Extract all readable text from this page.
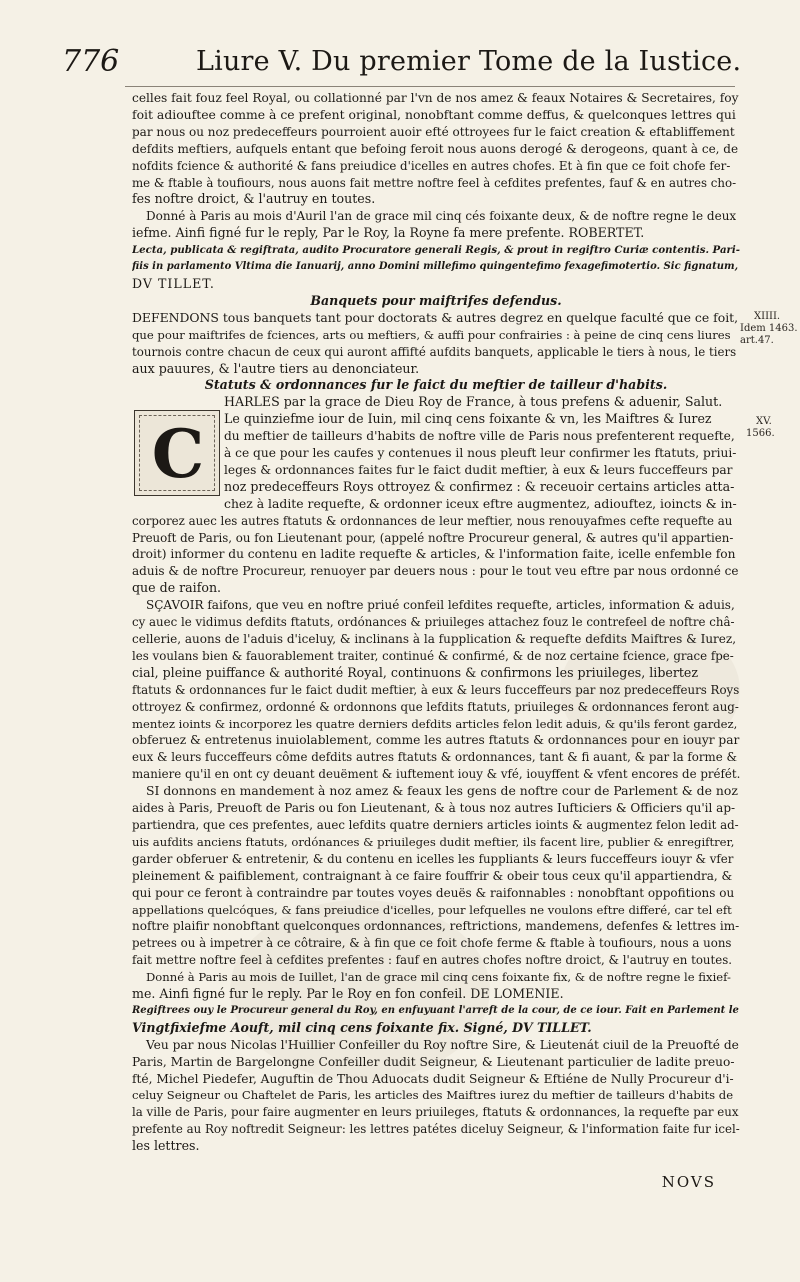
776	Liure V. Du premier Tome de la Iustice.
C
XIIII.
Idem 1463.
art.47.
XV.
1566.
celles fait fouz feel Royal, ou collationné par l'vn de nos amez & feaux Notaires & Secretaires, foy
foit adiouftee comme à ce prefent original, nonobftant comme deffus, & quelconques lettres qui
par nous ou noz predeceffeurs pourroient auoir efté ottroyees fur le faict creation & eftabliffement
defdits meftiers, aufquels entant que befoing feroit nous auons derogé & derogeons, quant à ce, de
nofdits fcience & authorité & fans preiudice d'icelles en autres chofes. Et à fin que ce foit chofe fer-
me & ftable à toufiours, nous auons fait mettre noftre feel à cefdites prefentes, fauf & en autres cho-
fes noftre droict, & l'autruy en toutes.
Donné à Paris au mois d'Auril l'an de grace mil cinq cés foixante deux, & de noftre regne le deux
iefme. Ainfi figné fur le reply, Par le Roy, la Royne fa mere prefente. ROBERTET.
Lecta, publicata & regiftrata, audito Procuratore generali Regis, & prout in regiftro Curiæ contentis. Pari-
fiis in parlamento Vltima die Ianuarij, anno Domini millefimo quingentefimo fexagefimotertio. Sic fignatum,
DV TILLET.
Banquets pour maiftrifes defendus.
DEFENDONS tous banquets tant pour doctorats & autres degrez en quelque faculté que ce foit,
que pour maiftrifes de fciences, arts ou meftiers, & auffi pour confrairies : à peine de cinq cens liures
tournois contre chacun de ceux qui auront affifté aufdits banquets, applicable le tiers à nous, le tiers
aux pauures, & l'autre tiers au denonciateur.
Statuts & ordonnances fur le faict du meftier de tailleur d'habits.
HARLES par la grace de Dieu Roy de France, à tous prefens & aduenir, Salut.
Le quinziefme iour de Iuin, mil cinq cens foixante & vn, les Maiftres & Iurez
du meftier de tailleurs d'habits de noftre ville de Paris nous prefenterent requefte,
à ce que pour les caufes y contenues il nous pleuft leur confirmer les ftatuts, priui-
leges & ordonnances faites fur le faict dudit meftier, à eux & leurs fucceffeurs par
noz predeceffeurs Roys ottroyez & confirmez : & receuoir certains articles atta-
chez à ladite requefte, & ordonner iceux eftre augmentez, adiouftez, ioincts & in-
corporez auec les autres ftatuts & ordonnances de leur meftier, nous renouyafmes cefte requefte au
Preuoft de Paris, ou fon Lieutenant pour, (appelé noftre Procureur general, & autres qu'il appartien-
droit) informer du contenu en ladite requefte & articles, & l'information faite, icelle enfemble fon
aduis & de noftre Procureur, renuoyer par deuers nous : pour le tout veu eftre par nous ordonné ce
que de raifon.
SÇAVOIR faifons, que veu en noftre priué confeil lefdites requefte, articles, information & aduis,
cy auec le vidimus defdits ftatuts, ordónances & priuileges attachez fouz le contrefeel de noftre châ-
cellerie, auons de l'aduis d'iceluy, & inclinans à la fupplication & requefte defdits Maiftres & Iurez,
les voulans bien & fauorablement traiter, continué & confirmé, & de noz certaine fcience, grace fpe-
cial, pleine puiffance & authorité Royal, continuons & confirmons les priuileges, libertez
ftatuts & ordonnances fur le faict dudit meftier, à eux & leurs fucceffeurs par noz predeceffeurs Roys
ottroyez & confirmez, ordonné & ordonnons que lefdits ftatuts, priuileges & ordonnances feront aug-
mentez ioints & incorporez les quatre derniers defdits articles felon ledit aduis, & qu'ils feront gardez,
obferuez & entretenus inuiolablement, comme les autres ftatuts & ordonnances pour en iouyr par
eux & leurs fucceffeurs côme defdits autres ftatuts & ordonnances, tant & fi auant, & par la forme &
maniere qu'il en ont cy deuant deuëment & iuftement iouy & vfé, iouyffent & vfent encores de préfét.
SI donnons en mandement à noz amez & feaux les gens de noftre cour de Parlement & de noz
aides à Paris, Preuoft de Paris ou fon Lieutenant, & à tous noz autres Iufticiers & Officiers qu'il ap-
partiendra, que ces prefentes, auec lefdits quatre derniers articles ioints & augmentez felon ledit ad-
uis aufdits anciens ftatuts, ordónances & priuileges dudit meftier, ils facent lire, publier & enregiftrer,
garder obferuer & entretenir, & du contenu en icelles les fuppliants & leurs fucceffeurs iouyr & vfer
pleinement & paifiblement, contraignant à ce faire fouffrir & obeir tous ceux qu'il appartiendra, &
qui pour ce feront à contraindre par toutes voyes deuës & raifonnables : nonobftant oppofitions ou
appellations quelcóques, & fans preiudice d'icelles, pour lefquelles ne voulons eftre differé, car tel eft
noftre plaifir nonobftant quelconques ordonnances, reftrictions, mandemens, defenfes & lettres im-
petrees ou à impetrer à ce côtraire, & à fin que ce foit chofe ferme & ftable à toufiours, nous a uons
fait mettre noftre feel à cefdites prefentes : fauf en autres chofes noftre droict, & l'autruy en toutes.
Donné à Paris au mois de Iuillet, l'an de grace mil cinq cens foixante fix, & de noftre regne le fixief-
me. Ainfi figné fur le reply. Par le Roy en fon confeil. DE LOMENIE.
Regiftrees ouy le Procureur general du Roy, en enfuyuant l'arreft de la cour, de ce iour. Fait en Parlement le
Vingtfixiefme Aouft, mil cinq cens foixante fix. Signé, DV TILLET.
Veu par nous Nicolas l'Huillier Confeiller du Roy noftre Sire, & Lieutenát ciuil de la Preuofté de
Paris, Martin de Bargelongne Confeiller dudit Seigneur, & Lieutenant particulier de ladite preuo-
fté, Michel Piedefer, Auguftin de Thou Aduocats dudit Seigneur & Eftiéne de Nully Procureur d'i-
celuy Seigneur ou Chaftelet de Paris, les articles des Maiftres iurez du meftier de tailleurs d'habits de
la ville de Paris, pour faire augmenter en leurs priuileges, ftatuts & ordonnances, la requefte par eux
prefente au Roy noftredit Seigneur: les lettres patétes diceluy Seigneur, & l'information faite fur icel-
les lettres.
NOVS
